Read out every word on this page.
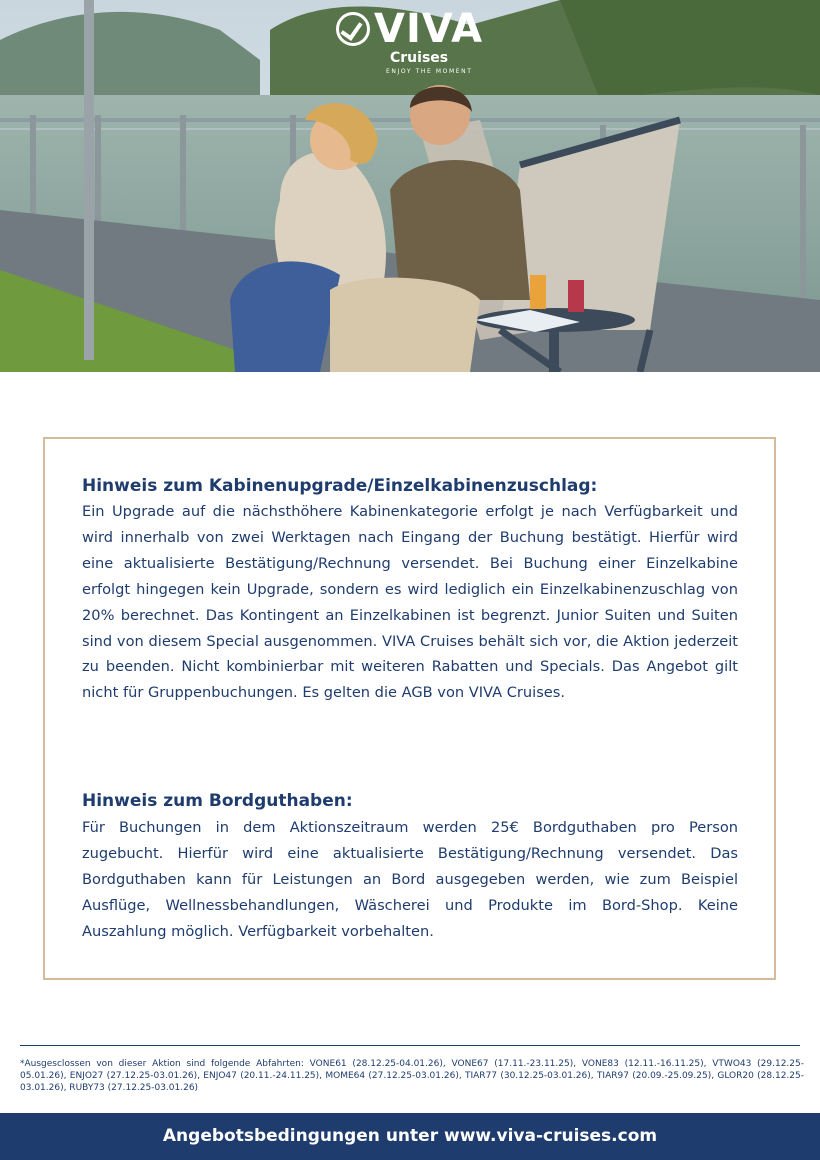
VIVA
Cruises
ENJOY THE MOMENT
Hinweis zum Kabinenupgrade/Einzelkabinenzuschlag:

Ein Upgrade auf die nächsthöhere Kabinenkategorie erfolgt je nach Verfügbarkeit und wird innerhalb von zwei Werktagen nach Eingang der Buchung bestätigt. Hierfür wird eine aktualisierte Bestätigung/Rechnung versendet. Bei Buchung einer Einzelkabine erfolgt hingegen kein Upgrade, sondern es wird lediglich ein Einzelkabinenzuschlag von 20% berechnet. Das Kontingent an Einzelkabinen ist begrenzt. Junior Suiten und Suiten sind von diesem Special ausgenommen. VIVA Cruises behält sich vor, die Aktion jederzeit zu beenden. Nicht kombinierbar mit weiteren Rabatten und Specials. Das Angebot gilt nicht für Gruppenbuchungen. Es gelten die AGB von VIVA Cruises.

Hinweis zum Bordguthaben:

Für Buchungen in dem Aktionszeitraum werden 25€ Bordguthaben pro Person zugebucht. Hierfür wird eine aktualisierte Bestätigung/Rechnung versendet. Das Bordguthaben kann für Leistungen an Bord ausgegeben werden, wie zum Beispiel Ausflüge, Wellnessbehandlungen, Wäscherei und Produkte im Bord-Shop. Keine Auszahlung möglich. Verfügbarkeit vorbehalten.

*Ausgesclossen von dieser Aktion sind folgende Abfahrten: VONE61 (28.12.25-04.01.26), VONE67 (17.11.-23.11.25), VONE83 (12.11.-16.11.25), VTWO43 (29.12.25-05.01.26), ENJO27 (27.12.25-03.01.26), ENJO47 (20.11.-24.11.25), MOME64 (27.12.25-03.01.26), TIAR77 (30.12.25-03.01.26), TIAR97 (20.09.-25.09.25), GLOR20 (28.12.25-03.01.26), RUBY73 (27.12.25-03.01.26)

Angebotsbedingungen unter www.viva-cruises.com
